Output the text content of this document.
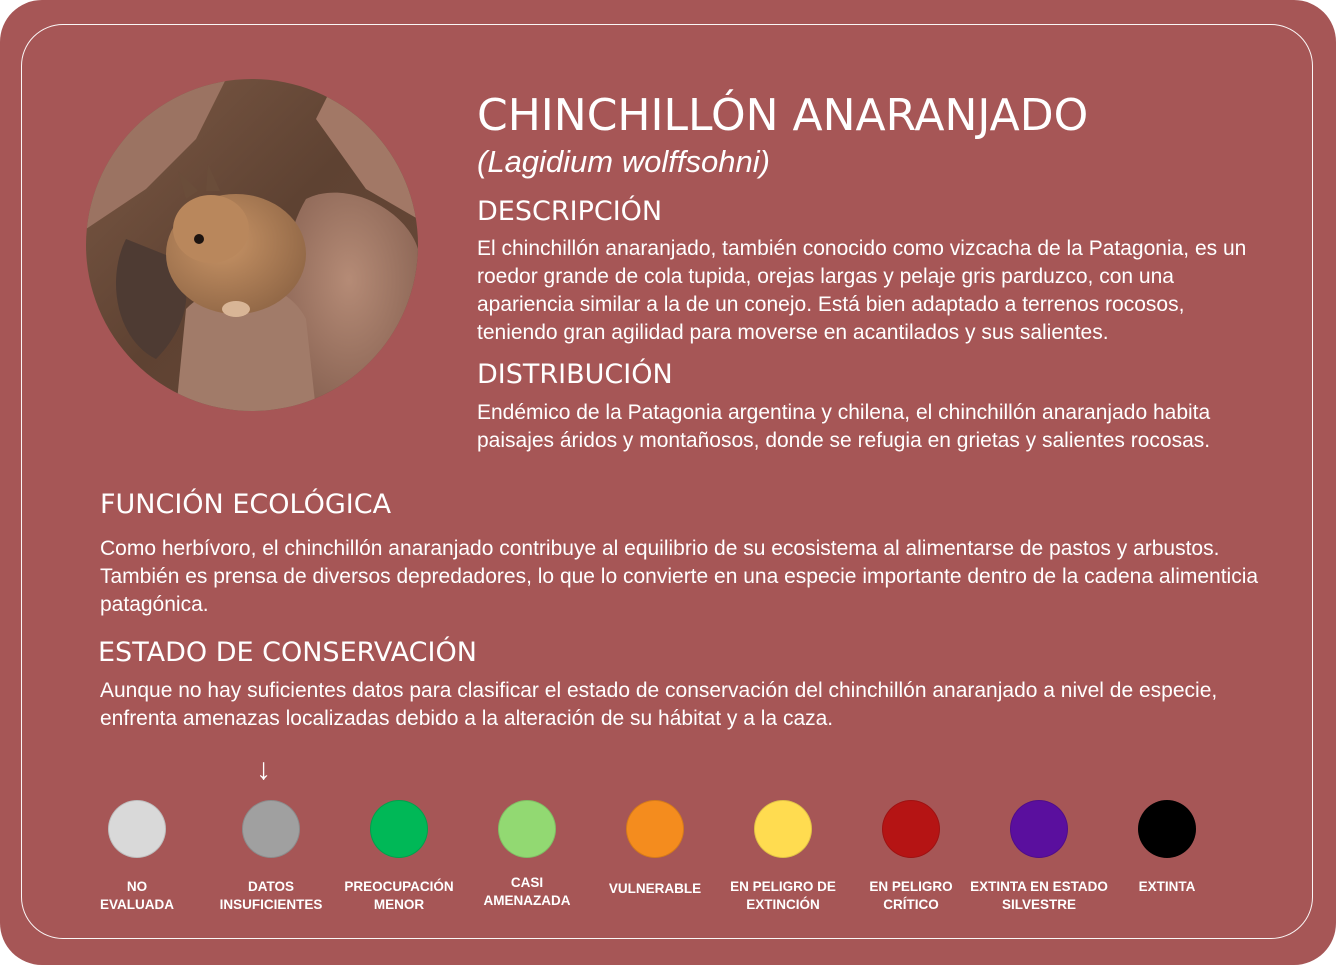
CHINCHILLÓN ANARANJADO
(Lagidium wolffsohni)
DESCRIPCIÓN
El chinchillón anaranjado, también conocido como vizcacha de la Patagonia, es un roedor grande de cola tupida, orejas largas y pelaje gris parduzco, con una apariencia similar a la de un conejo. Está bien adaptado a terrenos rocosos, teniendo gran agilidad para moverse en acantilados y sus salientes.
DISTRIBUCIÓN
Endémico de la Patagonia argentina y chilena, el chinchillón anaranjado habita paisajes áridos y montañosos, donde se refugia en grietas y salientes rocosas.
FUNCIÓN ECOLÓGICA
Como herbívoro, el chinchillón anaranjado contribuye al equilibrio de su ecosistema al alimentarse de pastos y arbustos. También es prensa de diversos depredadores, lo que lo convierte en una especie importante dentro de la cadena alimenticia patagónica.
ESTADO DE CONSERVACIÓN
Aunque no hay suficientes datos para clasificar el estado de conservación del chinchillón anaranjado a nivel de especie, enfrenta amenazas localizadas debido a la alteración de su hábitat y a la caza.
↓
NO
EVALUADA
DATOS
INSUFICIENTES
PREOCUPACIÓN
MENOR
CASI
AMENAZADA
VULNERABLE	EN PELIGRO DE
EXTINCIÓN
EN PELIGRO
CRÍTICO
EXTINTA EN ESTADO
SILVESTRE
EXTINTA
